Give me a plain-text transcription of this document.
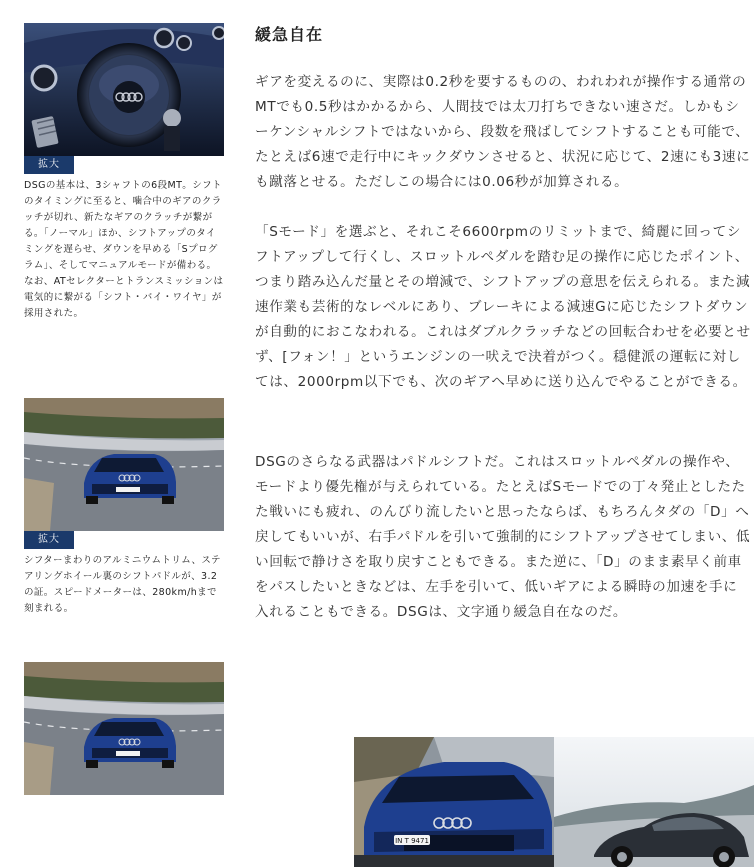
拡大

DSGの基本は、3シャフトの6段MT。シフトのタイミングに至ると、噛合中のギアのクラッチが切れ、新たなギアのクラッチが繋がる。「ノーマル」ほか、シフトアップのタイミングを遅らせ、ダウンを早める「Sプログラム」、そしてマニュアルモードが備わる。なお、ATセレクターとトランスミッションは電気的に繋がる「シフト・バイ・ワイヤ」が採用された。

拡大

シフターまわりのアルミニウムトリム、ステアリングホイール裏のシフトパドルが、3.2の証。スピードメーターは、280km/hまで刻まれる。

緩急自在

ギアを変えるのに、実際は0.2秒を要するものの、われわれが操作する通常のMTでも0.5秒はかかるから、人間技では太刀打ちできない速さだ。しかもシーケンシャルシフトではないから、段数を飛ばしてシフトすることも可能で、たとえば6速で走行中にキックダウンさせると、状況に応じて、2速にも3速にも蹴落とせる。ただしこの場合には0.06秒が加算される。

「Sモード」を選ぶと、それこそ6600rpmのリミットまで、綺麗に回ってシフトアップして行くし、スロットルペダルを踏む足の操作に応じたポイント、つまり踏み込んだ量とその増減で、シフトアップの意思を伝えられる。また減速作業も芸術的なレベルにあり、ブレーキによる減速Gに応じたシフトダウンが自動的におこなわれる。これはダブルクラッチなどの回転合わせを必要とせず、[フォン！」というエンジンの一吠えで決着がつく。穏健派の運転に対しては、2000rpm以下でも、次のギアへ早めに送り込んでやることができる。

DSGのさらなる武器はパドルシフトだ。これはスロットルペダルの操作や、モードより優先権が与えられている。たとえばSモードでの丁々発止としたたた戦いにも疲れ、のんびり流したいと思ったならば、もちろんタダの「D」へ戻してもいいが、右手パドルを引いて強制的にシフトアップさせてしまい、低い回転で静けさを取り戻すこともできる。また逆に、「D」のまま素早く前車をパスしたいときなどは、左手を引いて、低いギアによる瞬時の加速を手に入れることもできる。DSGは、文字通り緩急自在なのだ。

IN T 9471
